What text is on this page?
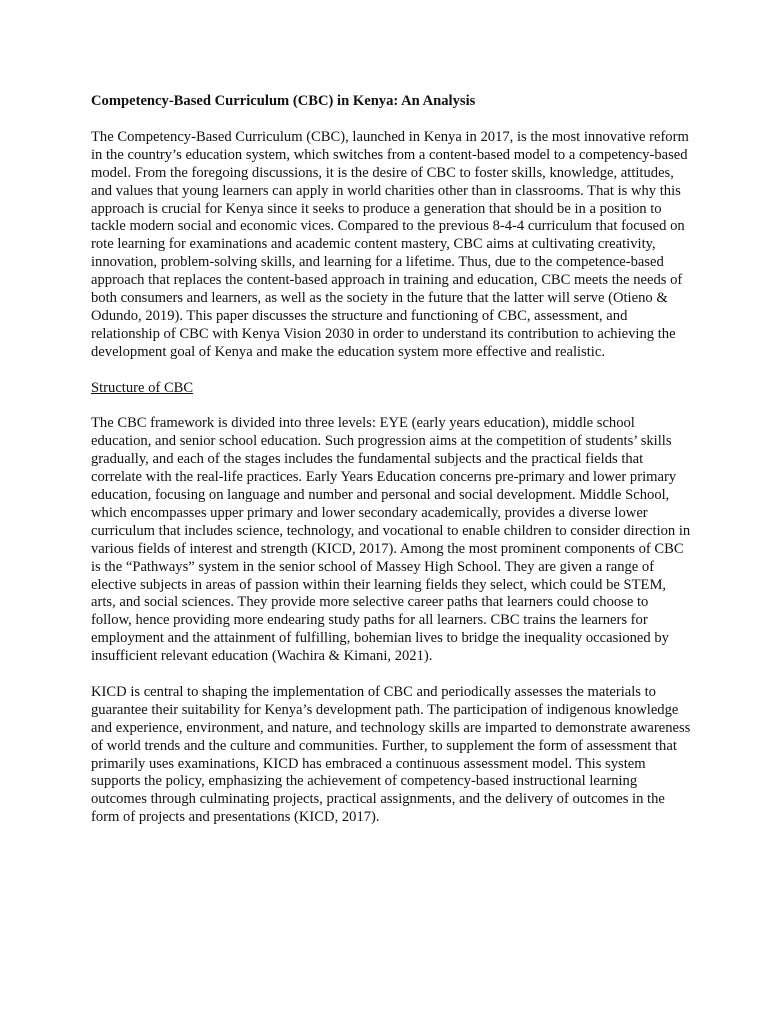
Competency-Based Curriculum (CBC) in Kenya: An Analysis

The Competency-Based Curriculum (CBC), launched in Kenya in 2017, is the most innovative reform in the country’s education system, which switches from a content-based model to a competency-based model. From the foregoing discussions, it is the desire of CBC to foster skills, knowledge, attitudes, and values that young learners can apply in world charities other than in classrooms. That is why this approach is crucial for Kenya since it seeks to produce a generation that should be in a position to tackle modern social and economic vices. Compared to the previous 8-4-4 curriculum that focused on rote learning for examinations and academic content mastery, CBC aims at cultivating creativity, innovation, problem-solving skills, and learning for a lifetime. Thus, due to the competence-based approach that replaces the content-based approach in training and education, CBC meets the needs of both consumers and learners, as well as the society in the future that the latter will serve (Otieno & Odundo, 2019). This paper discusses the structure and functioning of CBC, assessment, and relationship of CBC with Kenya Vision 2030 in order to understand its contribution to achieving the development goal of Kenya and make the education system more effective and realistic.

Structure of CBC

The CBC framework is divided into three levels: EYE (early years education), middle school education, and senior school education. Such progression aims at the competition of students’ skills gradually, and each of the stages includes the fundamental subjects and the practical fields that correlate with the real-life practices. Early Years Education concerns pre-primary and lower primary education, focusing on language and number and personal and social development. Middle School, which encompasses upper primary and lower secondary academically, provides a diverse lower curriculum that includes science, technology, and vocational to enable children to consider direction in various fields of interest and strength (KICD, 2017). Among the most prominent components of CBC is the “Pathways” system in the senior school of Massey High School. They are given a range of elective subjects in areas of passion within their learning fields they select, which could be STEM, arts, and social sciences. They provide more selective career paths that learners could choose to follow, hence providing more endearing study paths for all learners. CBC trains the learners for employment and the attainment of fulfilling, bohemian lives to bridge the inequality occasioned by insufficient relevant education (Wachira & Kimani, 2021).

KICD is central to shaping the implementation of CBC and periodically assesses the materials to guarantee their suitability for Kenya’s development path. The participation of indigenous knowledge and experience, environment, and nature, and technology skills are imparted to demonstrate awareness of world trends and the culture and communities. Further, to supplement the form of assessment that primarily uses examinations, KICD has embraced a continuous assessment model. This system supports the policy, emphasizing the achievement of competency-based instructional learning outcomes through culminating projects, practical assignments, and the delivery of outcomes in the form of projects and presentations (KICD, 2017).
